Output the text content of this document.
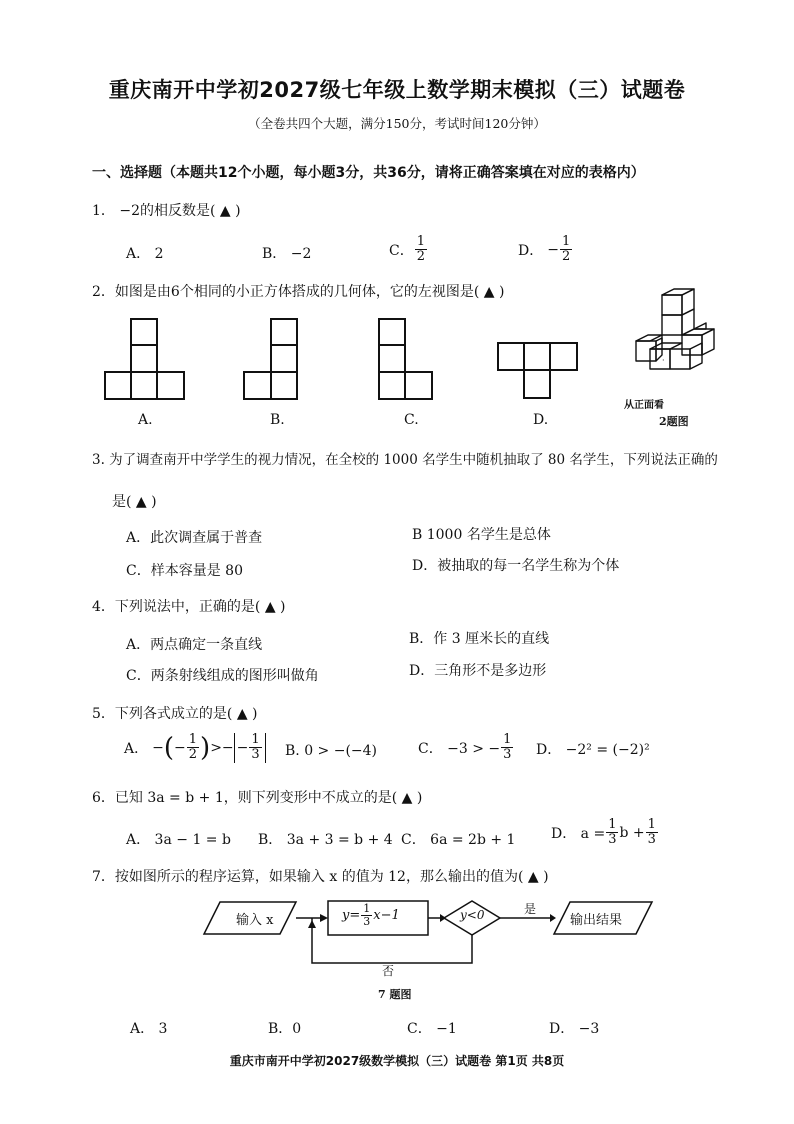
重庆南开中学初2027级七年级上数学期末模拟（三）试题卷
（全卷共四个大题，满分150分，考试时间120分钟）
一、选择题（本题共12个小题，每小题3分，共36分，请将正确答案填在对应的表格内）
1． −2的相反数是( ▲ )
A． 2	B． −2	C． $\frac{1}{2}$	D． − $\frac{1}{2}$
2．如图是由6个相同的小正方体搭成的几何体，它的左视图是( ▲ )
A.	B.	C.	D.
·
从正面看
2题图
3. 为了调查南开中学学生的视力情况，在全校的 1000 名学生中随机抽取了 80 名学生，下列说法正确的
是( ▲ )
A．此次调查属于普查	B 1000 名学生是总体
C．样本容量是 80	D．被抽取的每一名学生称为个体
4．下列说法中，正确的是( ▲ )
A．两点确定一条直线	B．作 3 厘米长的直线
C．两条射线组成的图形叫做角	D．三角形不是多边形
5．下列各式成立的是( ▲ )
A． − ( − $\frac{1}{2}$ ) >− − $\frac{1}{3} B$. 0 > −(−4)	C． −3 > − $\frac{1}{3}$ D． −2² = (−2)²
6．已知 3a = b + 1，则下列变形中不成立的是( ▲ )
A． 3a − 1 = b B． 3a + 3 = b + 4 C． 6a = 2b + 1	D． $a = \frac{1}{3}$ $b + \frac{1}{3}$
7．按如图所示的程序运算，如果输入 x 的值为 12，那么输出的值为( ▲ )
输入 x	$y= \frac{1}{3} x-1$	y<0	是
输出结果
否
7 题图
A． 3	B．0	C． −1	D． −3
重庆市南开中学初2027级数学模拟（三）试题卷 第1页 共8页
